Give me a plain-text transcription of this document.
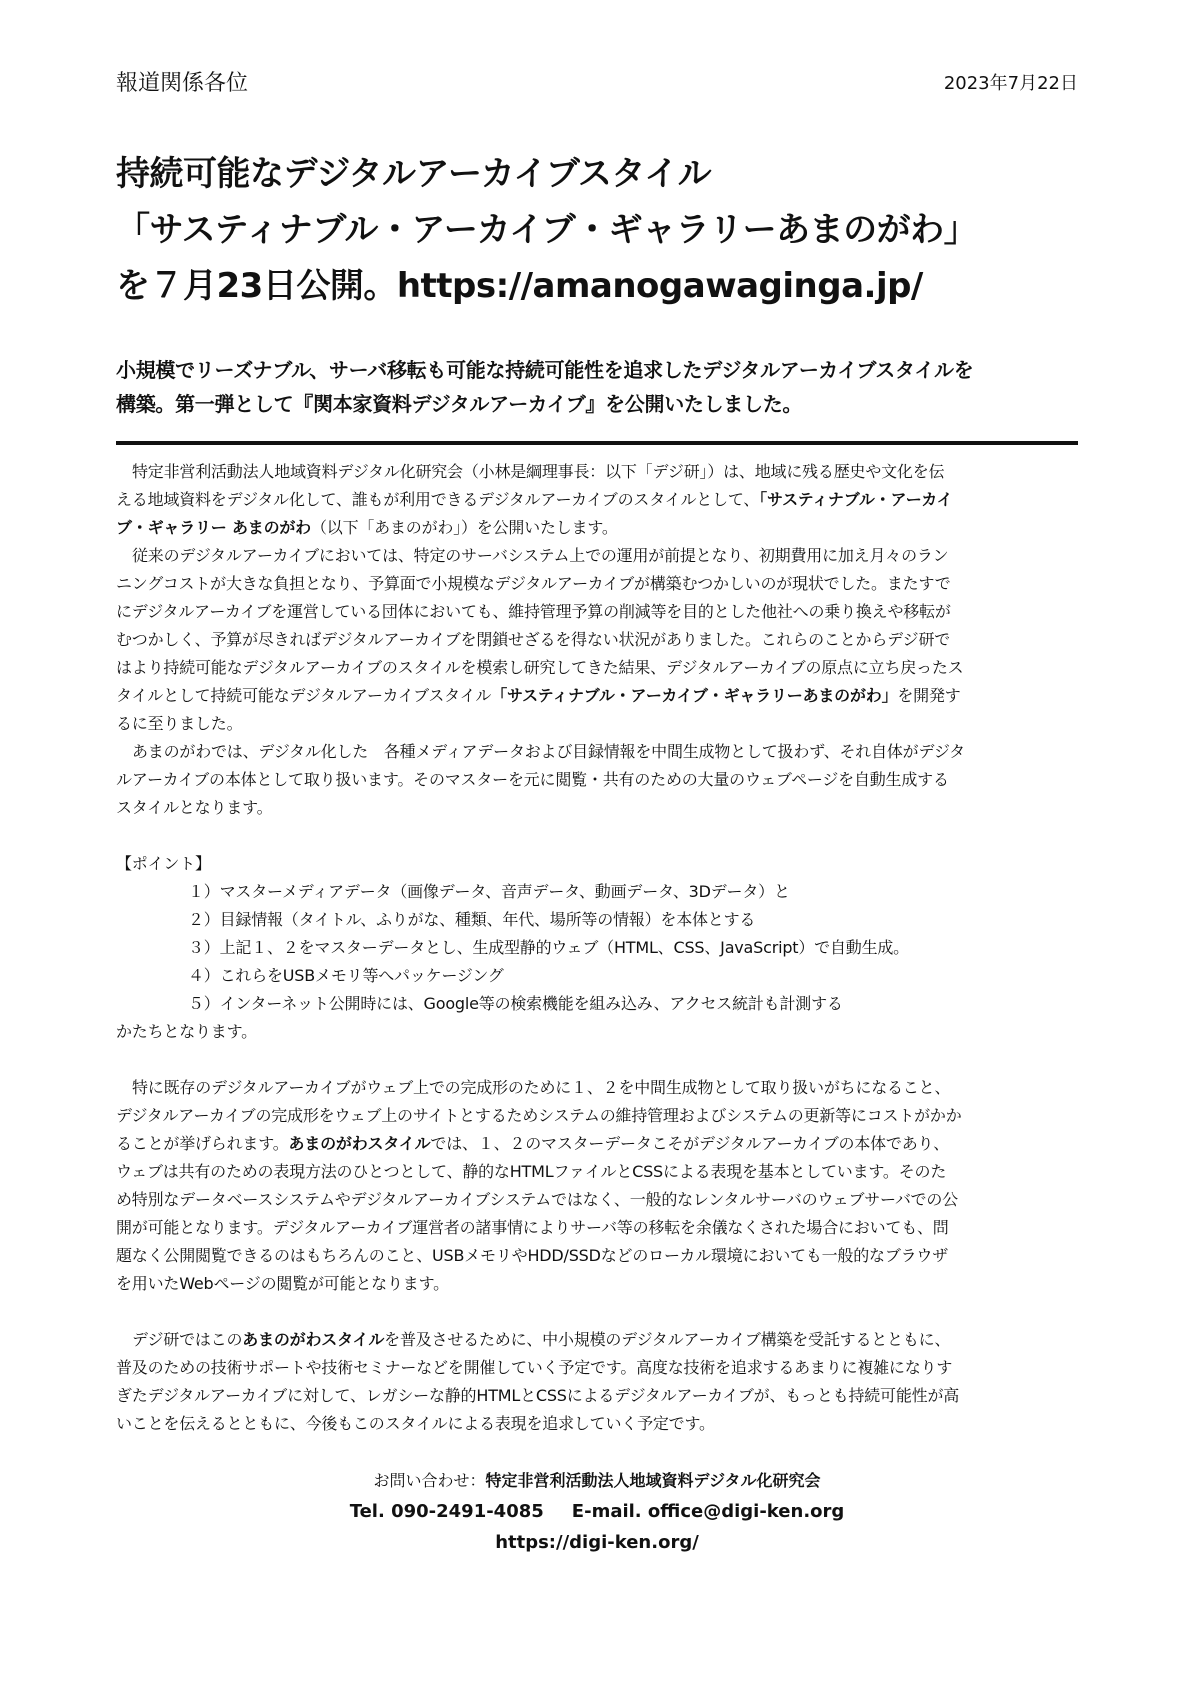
報道関係各位	2023年7月22日
持続可能なデジタルアーカイブスタイル
「サスティナブル・アーカイブ・ギャラリーあまのがわ」
を７月23日公開。https://amanogawaginga.jp/
小規模でリーズナブル、サーバ移転も可能な持続可能性を追求したデジタルアーカイブスタイルを
構築。第一弾として『関本家資料デジタルアーカイブ』を公開いたしました。
特定非営利活動法人地域資料デジタル化研究会（小林是綱理事長：以下「デジ研」）は、地域に残る歴史や文化を伝
える地域資料をデジタル化して、誰もが利用できるデジタルアーカイブのスタイルとして、「サスティナブル・アーカイ
ブ・ギャラリー あまのがわ（以下「あまのがわ」）を公開いたします。
従来のデジタルアーカイブにおいては、特定のサーバシステム上での運用が前提となり、初期費用に加え月々のラン
ニングコストが大きな負担となり、予算面で小規模なデジタルアーカイブが構築むつかしいのが現状でした。またすで
にデジタルアーカイブを運営している団体においても、維持管理予算の削減等を目的とした他社への乗り換えや移転が
むつかしく、予算が尽きればデジタルアーカイブを閉鎖せざるを得ない状況がありました。これらのことからデジ研で
はより持続可能なデジタルアーカイブのスタイルを模索し研究してきた結果、デジタルアーカイブの原点に立ち戻ったス
タイルとして持続可能なデジタルアーカイブスタイル「サスティナブル・アーカイブ・ギャラリーあまのがわ」を開発す
るに至りました。
あまのがわでは、デジタル化した　各種メディアデータおよび目録情報を中間生成物として扱わず、それ自体がデジタ
ルアーカイブの本体として取り扱います。そのマスターを元に閲覧・共有のための大量のウェブページを自動生成する
スタイルとなります。
【ポイント】
１）マスターメディアデータ（画像データ、音声データ、動画データ、3Dデータ）と
２）目録情報（タイトル、ふりがな、種類、年代、場所等の情報）を本体とする
３）上記１、２をマスターデータとし、生成型静的ウェブ（HTML、CSS、JavaScript）で自動生成。
４）これらをUSBメモリ等へパッケージング
５）インターネット公開時には、Google等の検索機能を組み込み、アクセス統計も計測する
かたちとなります。
特に既存のデジタルアーカイブがウェブ上での完成形のために１、２を中間生成物として取り扱いがちになること、
デジタルアーカイブの完成形をウェブ上のサイトとするためシステムの維持管理およびシステムの更新等にコストがかか
ることが挙げられます。あまのがわスタイルでは、１、２のマスターデータこそがデジタルアーカイブの本体であり、
ウェブは共有のための表現方法のひとつとして、静的なHTMLファイルとCSSによる表現を基本としています。そのた
め特別なデータベースシステムやデジタルアーカイブシステムではなく、一般的なレンタルサーバのウェブサーバでの公
開が可能となります。デジタルアーカイブ運営者の諸事情によりサーバ等の移転を余儀なくされた場合においても、問
題なく公開閲覧できるのはもちろんのこと、USBメモリやHDD/SSDなどのローカル環境においても一般的なブラウザ
を用いたWebページの閲覧が可能となります。
デジ研ではこのあまのがわスタイルを普及させるために、中小規模のデジタルアーカイブ構築を受託するとともに、
普及のための技術サポートや技術セミナーなどを開催していく予定です。高度な技術を追求するあまりに複雑になりす
ぎたデジタルアーカイブに対して、レガシーな静的HTMLとCSSによるデジタルアーカイブが、もっとも持続可能性が高
いことを伝えるとともに、今後もこのスタイルによる表現を追求していく予定です。
お問い合わせ：特定非営利活動法人地域資料デジタル化研究会
Tel. 090-2491-4085 E-mail. office@digi-ken.org
https://digi-ken.org/
